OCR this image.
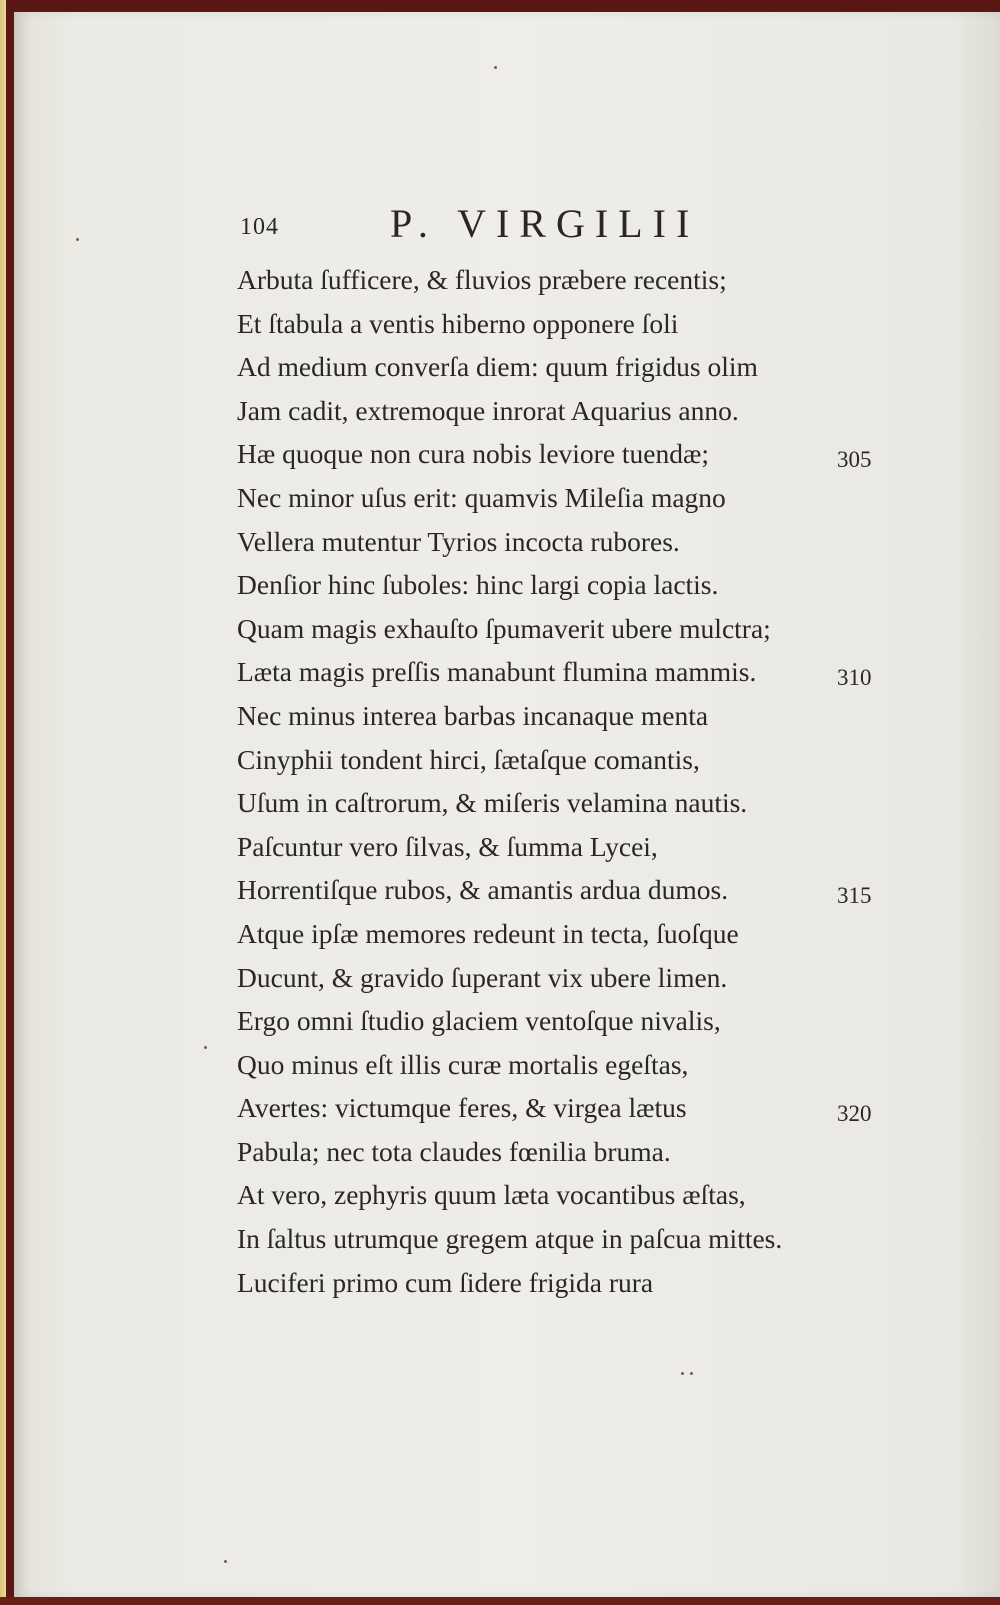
104	P. VIRGILII
Arbuta ſufficere, & fluvios præbere recentis;
Et ſtabula a ventis hiberno opponere ſoli
Ad medium converſa diem: quum frigidus olim
Jam cadit, extremoque inrorat Aquarius anno.
Hæ quoque non cura nobis leviore tuendæ;	305
Nec minor uſus erit: quamvis Mileſia magno
Vellera mutentur Tyrios incocta rubores.
Denſior hinc ſuboles: hinc largi copia lactis.
Quam magis exhauſto ſpumaverit ubere mulctra;
Læta magis preſſis manabunt flumina mammis.	310
Nec minus interea barbas incanaque menta
Cinyphii tondent hirci, ſætaſque comantis,
Uſum in caſtrorum, & miſeris velamina nautis.
Paſcuntur vero ſilvas, & ſumma Lycei,
Horrentiſque rubos, & amantis ardua dumos.	315
Atque ipſæ memores redeunt in tecta, ſuoſque
Ducunt, & gravido ſuperant vix ubere limen.
Ergo omni ſtudio glaciem ventoſque nivalis,
Quo minus eſt illis curæ mortalis egeſtas,
Avertes: victumque feres, & virgea lætus	320
Pabula; nec tota claudes fœnilia bruma.
At vero, zephyris quum læta vocantibus æſtas,
In ſaltus utrumque gregem atque in paſcua mittes.
Luciferi primo cum ſidere frigida rura
